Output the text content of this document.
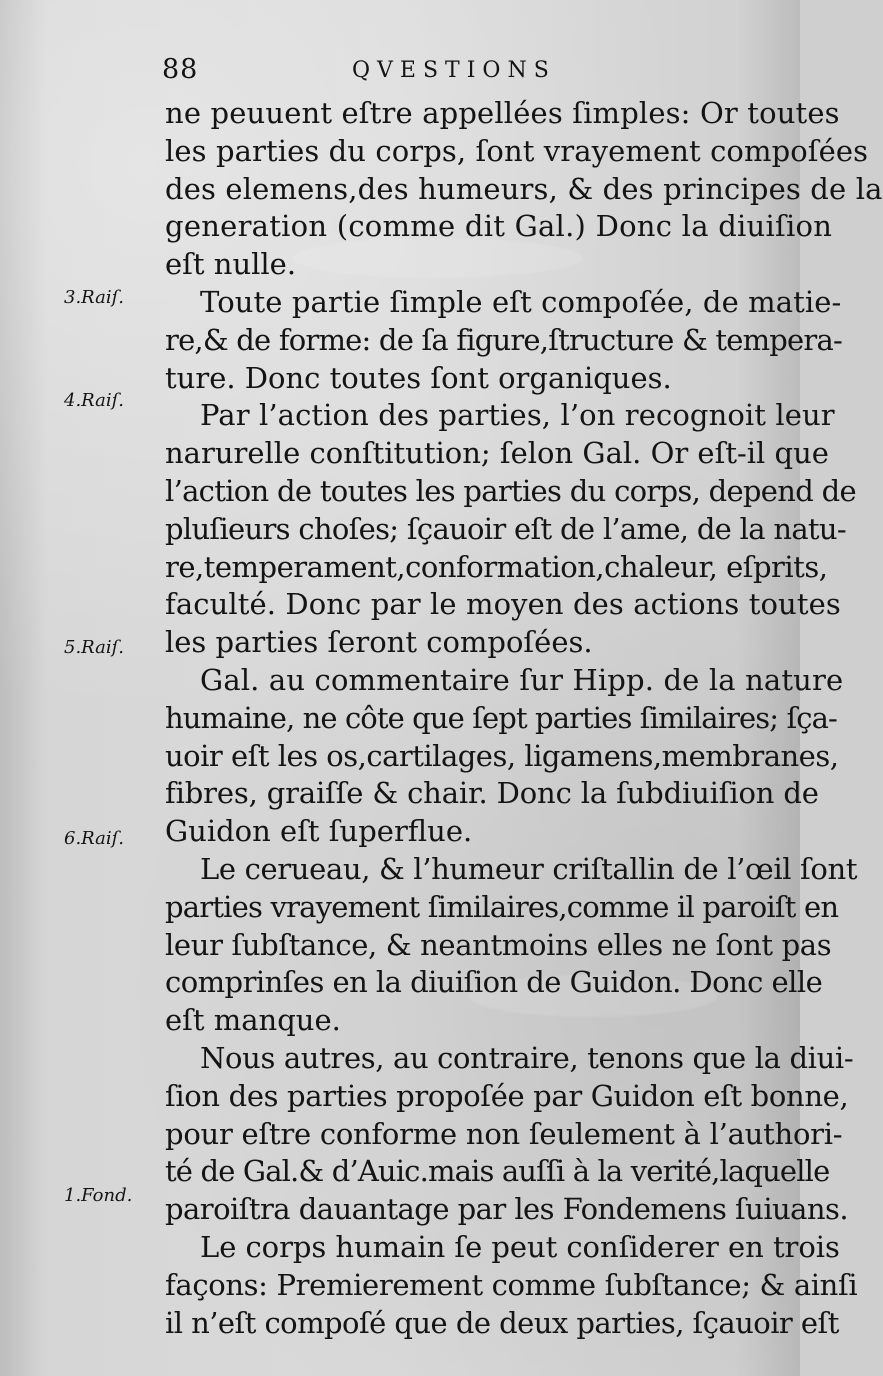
88	QVESTIONS
ne peuuent eſtre appellées ſimples: Or toutes
les parties du corps, ſont vrayement compoſées
des elemens,des humeurs, & des principes de la
generation (comme dit Gal.) Donc la diuiſion
eſt nulle.
Toute partie ſimple eſt compoſée, de matie-
re,& de forme: de ſa figure,ſtructure & tempera-
ture. Donc toutes ſont organiques.
Par l’action des parties, l’on recognoit leur
narurelle conſtitution; ſelon Gal. Or eſt-il que
l’action de toutes les parties du corps, depend de
pluſieurs choſes; ſçauoir eſt de l’ame, de la natu-
re,temperament,conformation,chaleur, eſprits,
faculté. Donc par le moyen des actions toutes
les parties ſeront compoſées.
Gal. au commentaire ſur Hipp. de la nature
humaine, ne côte que ſept parties ſimilaires; ſça-
uoir eſt les os,cartilages, ligamens,membranes,
fibres, graiſſe & chair. Donc la ſubdiuiſion de
Guidon eſt ſuperflue.
Le cerueau, & l’humeur criſtallin de l’œil ſont
parties vrayement ſimilaires,comme il paroiſt en
leur ſubſtance, & neantmoins elles ne ſont pas
comprinſes en la diuiſion de Guidon. Donc elle
eſt manque.
Nous autres, au contraire, tenons que la diui-
ſion des parties propoſée par Guidon eſt bonne,
pour eſtre conforme non ſeulement à l’authori-
té de Gal.& d’Auic.mais auſſi à la verité,laquelle
paroiſtra dauantage par les Fondemens ſuiuans.
Le corps humain ſe peut conſiderer en trois
façons: Premierement comme ſubſtance; & ainſi
il n’eſt compoſé que de deux parties, ſçauoir eſt
3.Raiſ.
4.Raiſ.
5.Raiſ.
6.Raiſ.
1.Fond.
